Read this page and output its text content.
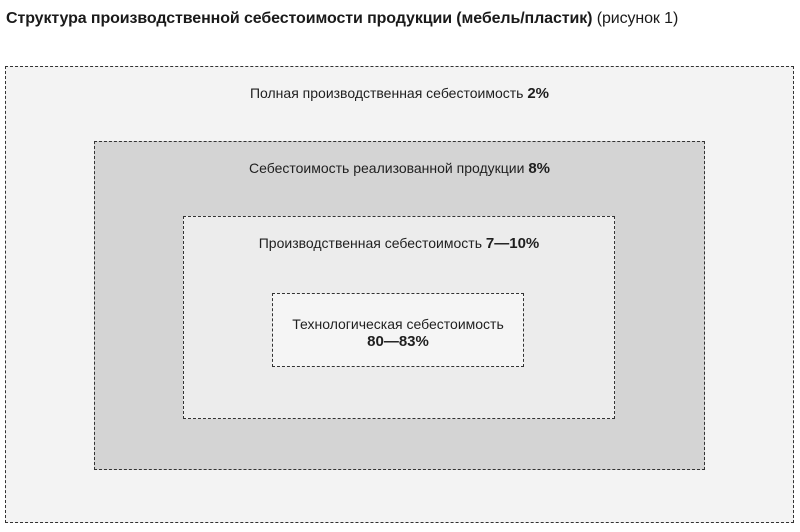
Структура производственной себестоимости продукции (мебель/пластик) (рисунок 1)
Полная производственная себестоимость 2%
Себестоимость реализованной продукции 8%
Производственная себестоимость 7—10%
Технологическая себестоимость
80—83%
